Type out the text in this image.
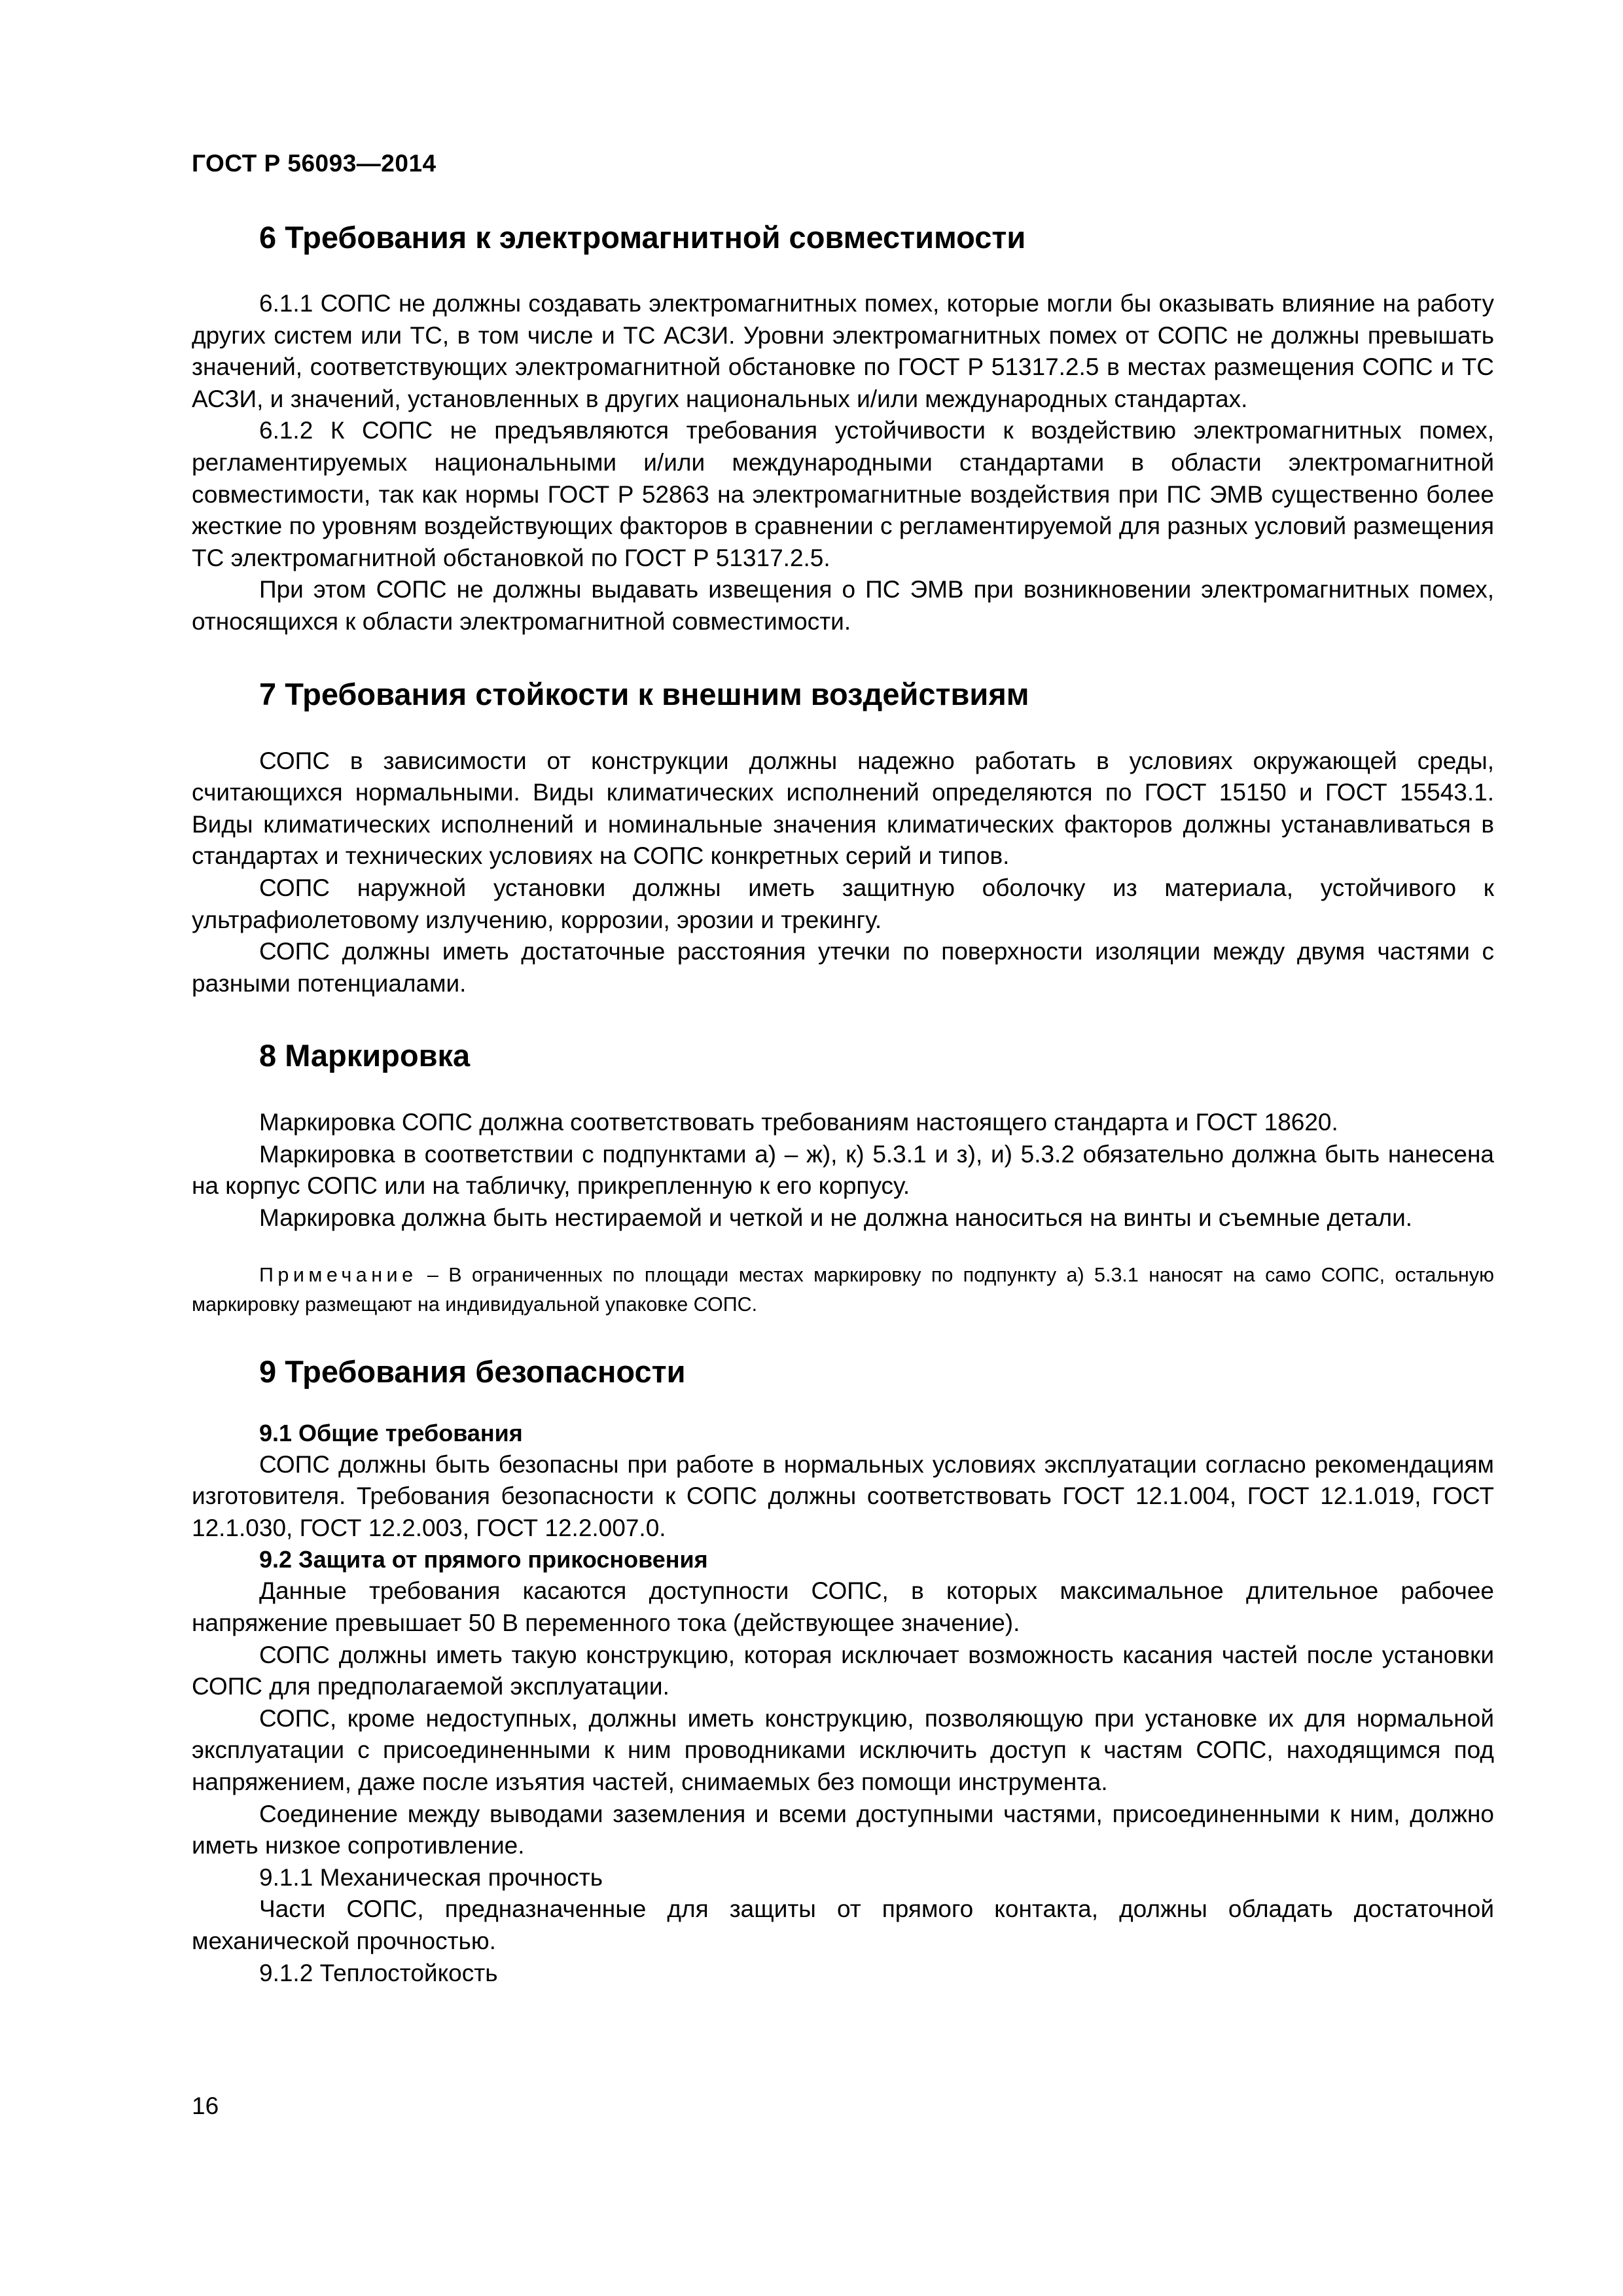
ГОСТ Р 56093—2014
6 Требования к электромагнитной совместимости

6.1.1 СОПС не должны создавать электромагнитных помех, которые могли бы оказывать влияние на работу других систем или ТС, в том числе и ТС АСЗИ. Уровни электромагнитных помех от СОПС не должны превышать значений, соответствующих электромагнитной обстановке по ГОСТ Р 51317.2.5 в местах размещения СОПС и ТС АСЗИ, и значений, установленных в других национальных и/или международных стандартах.

6.1.2 К СОПС не предъявляются требования устойчивости к воздействию электромагнитных помех, регламентируемых национальными и/или международными стандартами в области электромагнитной совместимости, так как нормы ГОСТ Р 52863 на электромагнитные воздействия при ПС ЭМВ существенно более жесткие по уровням воздействующих факторов в сравнении с регламентируемой для разных условий размещения ТС электромагнитной обстановкой по ГОСТ Р 51317.2.5.

При этом СОПС не должны выдавать извещения о ПС ЭМВ при возникновении электромагнитных помех, относящихся к области электромагнитной совместимости.

7 Требования стойкости к внешним воздействиям

СОПС в зависимости от конструкции должны надежно работать в условиях окружающей среды, считающихся нормальными. Виды климатических исполнений определяются по ГОСТ 15150 и ГОСТ 15543.1. Виды климатических исполнений и номинальные значения климатических факторов должны устанавливаться в стандартах и технических условиях на СОПС конкретных серий и типов.

СОПС наружной установки должны иметь защитную оболочку из материала, устойчивого к ультрафиолетовому излучению, коррозии, эрозии и трекингу.

СОПС должны иметь достаточные расстояния утечки по поверхности изоляции между двумя частями с разными потенциалами.

8 Маркировка

Маркировка СОПС должна соответствовать требованиям настоящего стандарта и ГОСТ 18620.

Маркировка в соответствии с подпунктами а) – ж), к) 5.3.1 и з), и) 5.3.2 обязательно должна быть нанесена на корпус СОПС или на табличку, прикрепленную к его корпусу.

Маркировка должна быть нестираемой и четкой и не должна наноситься на винты и съемные детали.

Примечание – В ограниченных по площади местах маркировку по подпункту а) 5.3.1 наносят на само СОПС, остальную маркировку размещают на индивидуальной упаковке СОПС.
9 Требования безопасности
9.1 Общие требования

СОПС должны быть безопасны при работе в нормальных условиях эксплуатации согласно рекомендациям изготовителя. Требования безопасности к СОПС должны соответствовать ГОСТ 12.1.004, ГОСТ 12.1.019, ГОСТ 12.1.030, ГОСТ 12.2.003, ГОСТ 12.2.007.0.

9.2 Защита от прямого прикосновения

Данные требования касаются доступности СОПС, в которых максимальное длительное рабочее напряжение превышает 50 В переменного тока (действующее значение).

СОПС должны иметь такую конструкцию, которая исключает возможность касания частей после установки СОПС для предполагаемой эксплуатации.

СОПС, кроме недоступных, должны иметь конструкцию, позволяющую при установке их для нормальной эксплуатации с присоединенными к ним проводниками исключить доступ к частям СОПС, находящимся под напряжением, даже после изъятия частей, снимаемых без помощи инструмента.

Соединение между выводами заземления и всеми доступными частями, присоединенными к ним, должно иметь низкое сопротивление.

9.1.1 Механическая прочность

Части СОПС, предназначенные для защиты от прямого контакта, должны обладать достаточной механической прочностью.

9.1.2 Теплостойкость

16
